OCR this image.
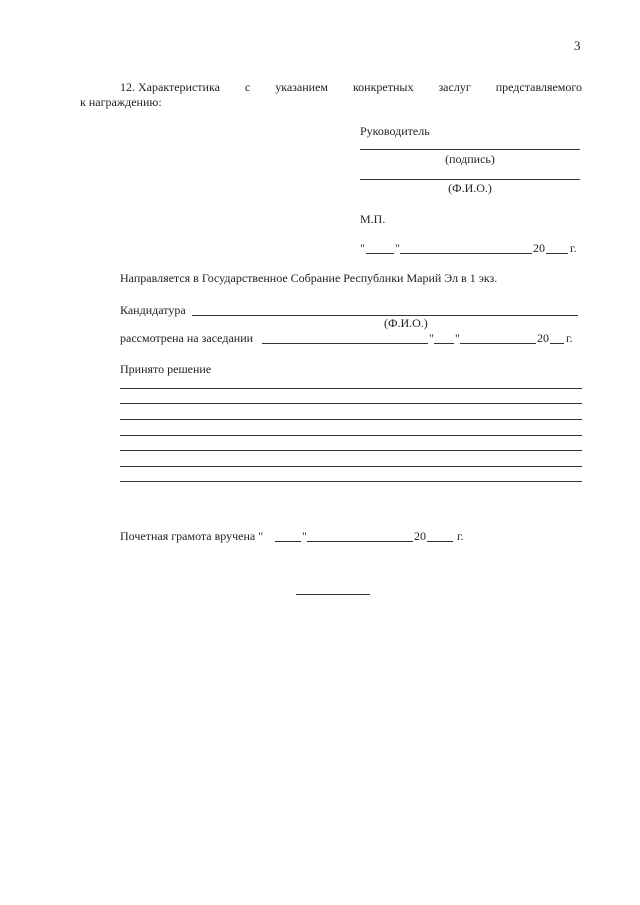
3
12. Характеристика с указанием конкретных заслуг представляемого
к награждению:
Руководитель
(подпись)
(Ф.И.О.)
М.П.
"	"	20 г.
Направляется в Государственное Собрание Республики Марий Эл в 1 экз.
Кандидатура
(Ф.И.О.)
рассмотрена на заседании	" "	20 г.
Принято решение
Почетная грамота вручена "	"	20	г.
